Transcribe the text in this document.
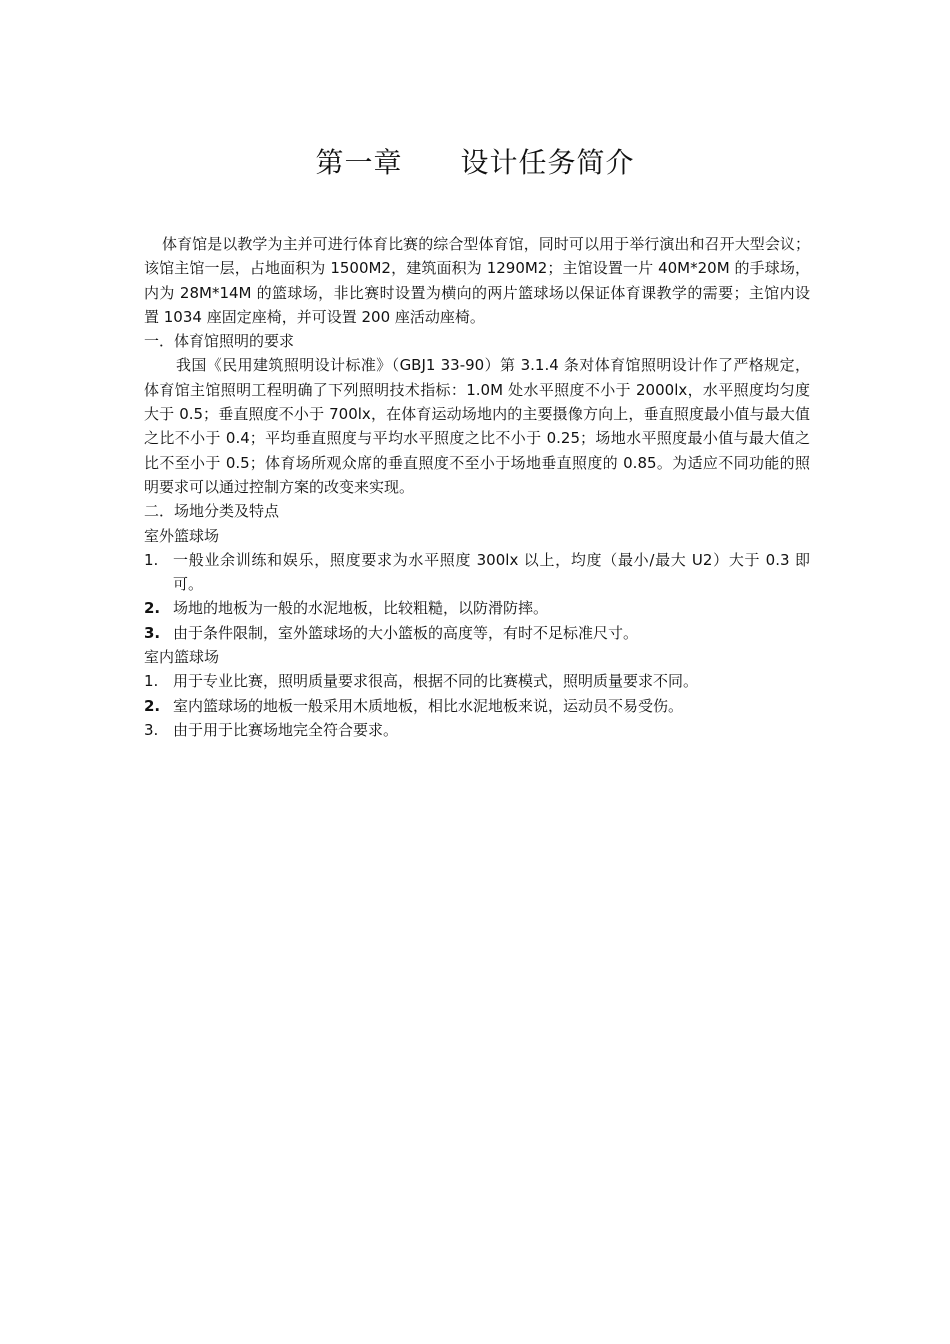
第一章　　设计任务简介

体育馆是以教学为主并可进行体育比赛的综合型体育馆，同时可以用于举行演出和召开大型会议；该馆主馆一层，占地面积为 1500M2，建筑面积为 1290M2；主馆设置一片 40M*20M 的手球场，内为 28M*14M 的篮球场，非比赛时设置为横向的两片篮球场以保证体育课教学的需要；主馆内设置 1034 座固定座椅，并可设置 200 座活动座椅。

一．体育馆照明的要求

我国《民用建筑照明设计标准》（GBJ1 33-90）第 3.1.4 条对体育馆照明设计作了严格规定，体育馆主馆照明工程明确了下列照明技术指标：1.0M 处水平照度不小于 2000lx，水平照度均匀度大于 0.5；垂直照度不小于 700lx，在体育运动场地内的主要摄像方向上，垂直照度最小值与最大值之比不小于 0.4；平均垂直照度与平均水平照度之比不小于 0.25；场地水平照度最小值与最大值之比不至小于 0.5；体育场所观众席的垂直照度不至小于场地垂直照度的 0.85。为适应不同功能的照明要求可以通过控制方案的改变来实现。

二．场地分类及特点

室外篮球场

1. 一般业余训练和娱乐，照度要求为水平照度 300lx 以上，均度（最小/最大 U2）大于 0.3 即可。
2. 场地的地板为一般的水泥地板，比较粗糙，以防滑防摔。
3. 由于条件限制，室外篮球场的大小篮板的高度等，有时不足标准尺寸。

室内篮球场

1. 用于专业比赛，照明质量要求很高，根据不同的比赛模式，照明质量要求不同。
2. 室内篮球场的地板一般采用木质地板，相比水泥地板来说，运动员不易受伤。
3. 由于用于比赛场地完全符合要求。
